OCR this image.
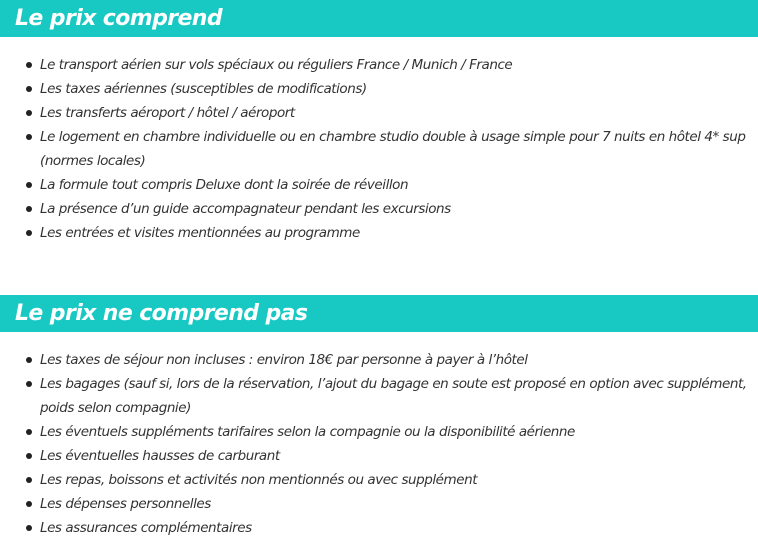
Le prix comprend
Le transport aérien sur vols spéciaux ou réguliers France / Munich / France
Les taxes aériennes (susceptibles de modifications)
Les transferts aéroport / hôtel / aéroport
Le logement en chambre individuelle ou en chambre studio double à usage simple pour 7 nuits en hôtel 4* sup (normes locales)
La formule tout compris Deluxe dont la soirée de réveillon
La présence d’un guide accompagnateur pendant les excursions
Les entrées et visites mentionnées au programme
Le prix ne comprend pas
Les taxes de séjour non incluses : environ 18€ par personne à payer à l’hôtel
Les bagages (sauf si, lors de la réservation, l’ajout du bagage en soute est proposé en option avec supplément, poids selon compagnie)
Les éventuels suppléments tarifaires selon la compagnie ou la disponibilité aérienne
Les éventuelles hausses de carburant
Les repas, boissons et activités non mentionnés ou avec supplément
Les dépenses personnelles
Les assurances complémentaires
